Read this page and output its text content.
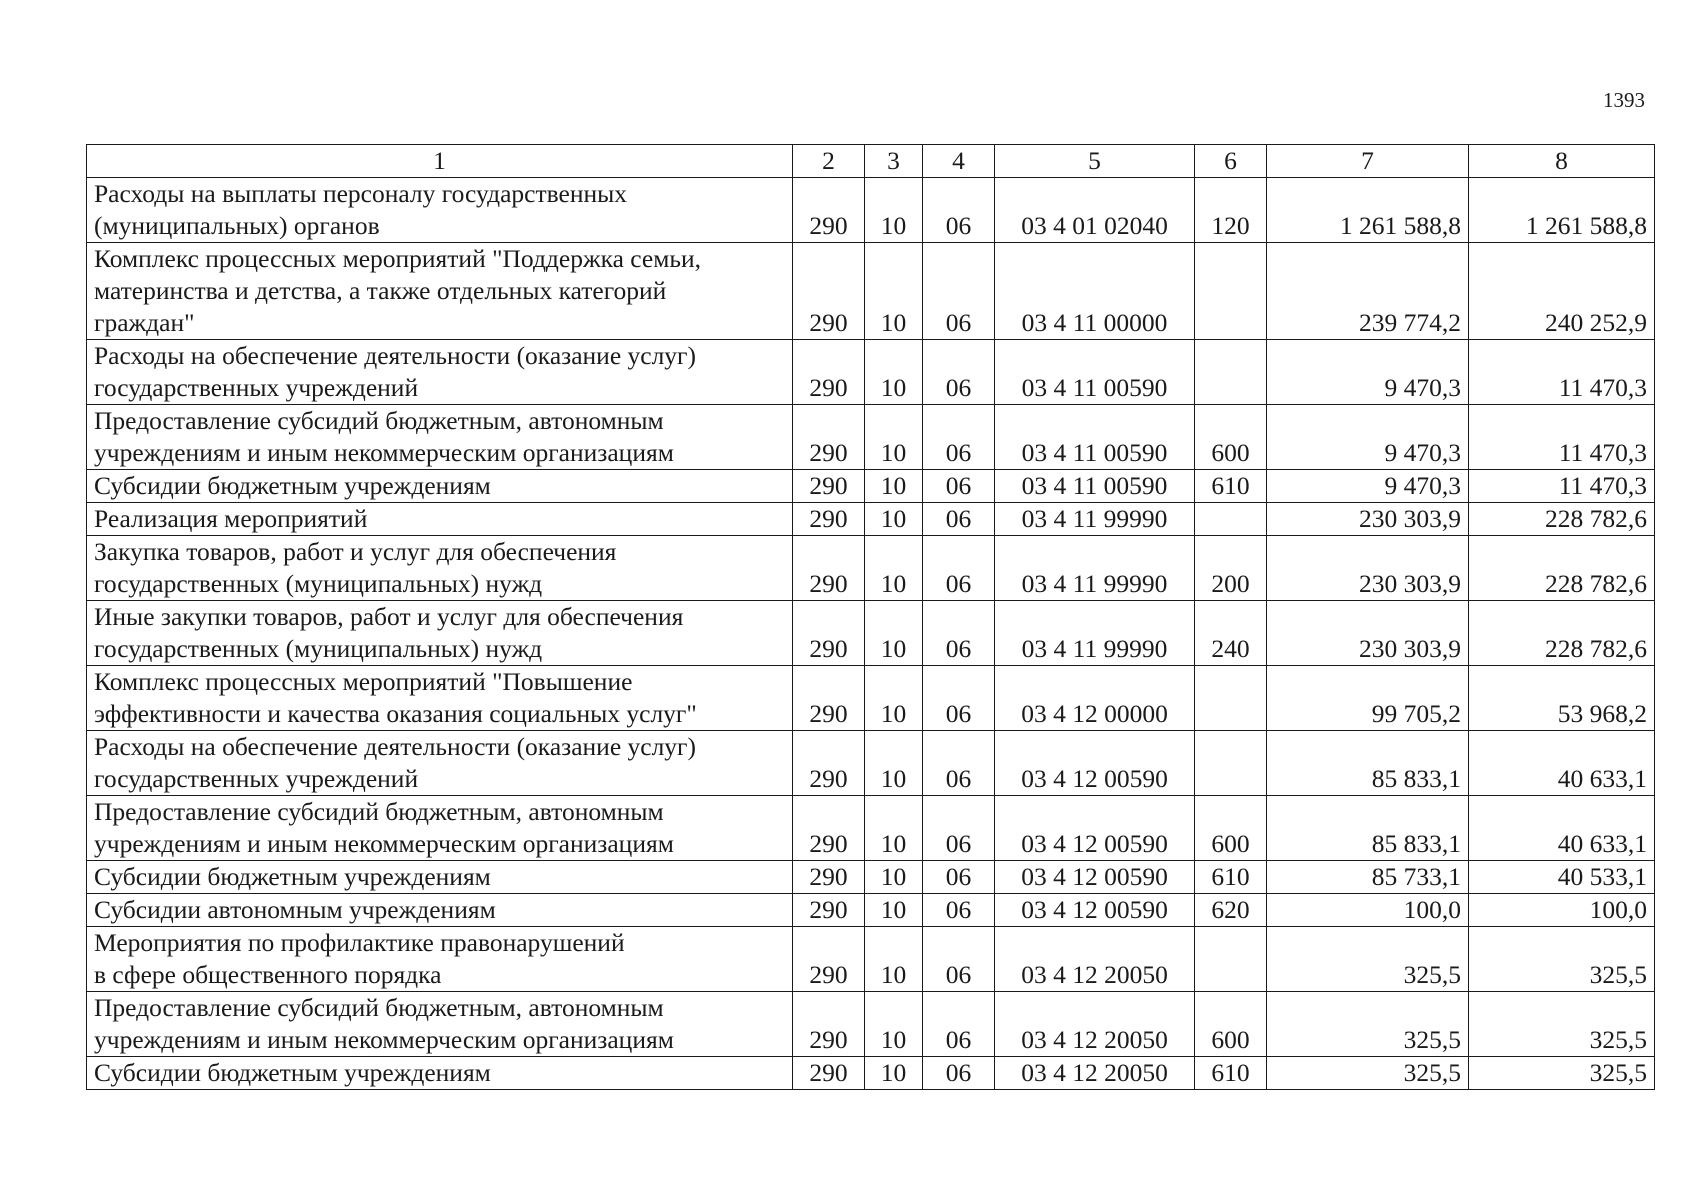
1393
1	2	3	4	5	6	7	8
Расходы на выплаты персоналу государственных
(муниципальных) органов	290	10	06	03 4 01 02040	120	1 261 588,8	1 261 588,8
Комплекс процессных мероприятий "Поддержка семьи,
материнства и детства, а также отдельных категорий
граждан"	290	10	06	03 4 11 00000		239 774,2	240 252,9
Расходы на обеспечение деятельности (оказание услуг)
государственных учреждений	290	10	06	03 4 11 00590		9 470,3	11 470,3
Предоставление субсидий бюджетным, автономным
учреждениям и иным некоммерческим организациям	290	10	06	03 4 11 00590	600	9 470,3	11 470,3
Субсидии бюджетным учреждениям	290	10	06	03 4 11 00590	610	9 470,3	11 470,3
Реализация мероприятий	290	10	06	03 4 11 99990		230 303,9	228 782,6
Закупка товаров, работ и услуг для обеспечения
государственных (муниципальных) нужд	290	10	06	03 4 11 99990	200	230 303,9	228 782,6
Иные закупки товаров, работ и услуг для обеспечения
государственных (муниципальных) нужд	290	10	06	03 4 11 99990	240	230 303,9	228 782,6
Комплекс процессных мероприятий "Повышение
эффективности и качества оказания социальных услуг"	290	10	06	03 4 12 00000		99 705,2	53 968,2
Расходы на обеспечение деятельности (оказание услуг)
государственных учреждений	290	10	06	03 4 12 00590		85 833,1	40 633,1
Предоставление субсидий бюджетным, автономным
учреждениям и иным некоммерческим организациям	290	10	06	03 4 12 00590	600	85 833,1	40 633,1
Субсидии бюджетным учреждениям	290	10	06	03 4 12 00590	610	85 733,1	40 533,1
Субсидии автономным учреждениям	290	10	06	03 4 12 00590	620	100,0	100,0
Мероприятия по профилактике правонарушений
в сфере общественного порядка	290	10	06	03 4 12 20050		325,5	325,5
Предоставление субсидий бюджетным, автономным
учреждениям и иным некоммерческим организациям	290	10	06	03 4 12 20050	600	325,5	325,5
Субсидии бюджетным учреждениям	290	10	06	03 4 12 20050	610	325,5	325,5
